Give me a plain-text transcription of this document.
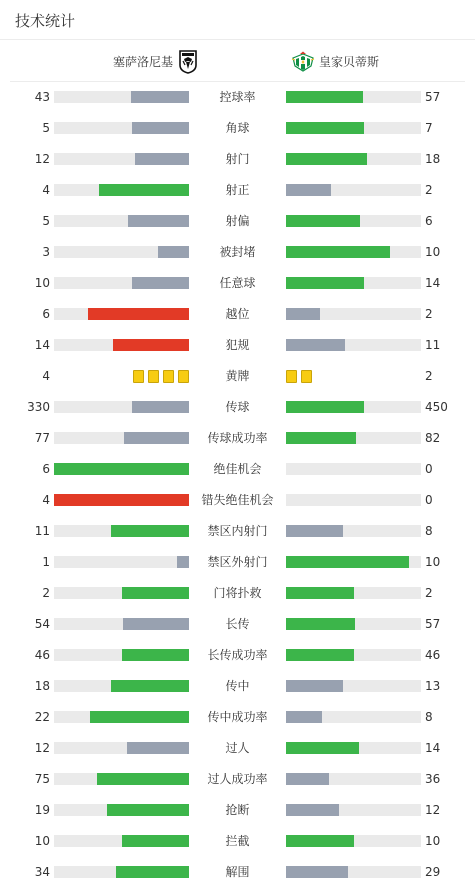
技术统计
塞萨洛尼基	皇家贝蒂斯
43	控球率	57
5	角球	7
12	射门	18
4	射正	2
5	射偏	6
3	被封堵	10
10	任意球	14
6	越位	2
14	犯规	11
4	黄牌	2
330	传球	450
77	传球成功率	82
6	绝佳机会	0
4	错失绝佳机会	0
11	禁区内射门	8
1	禁区外射门	10
2	门将扑救	2
54	长传	57
46	长传成功率	46
18	传中	13
22	传中成功率	8
12	过人	14
75	过人成功率	36
19	抢断	12
10	拦截	10
34	解围	29
